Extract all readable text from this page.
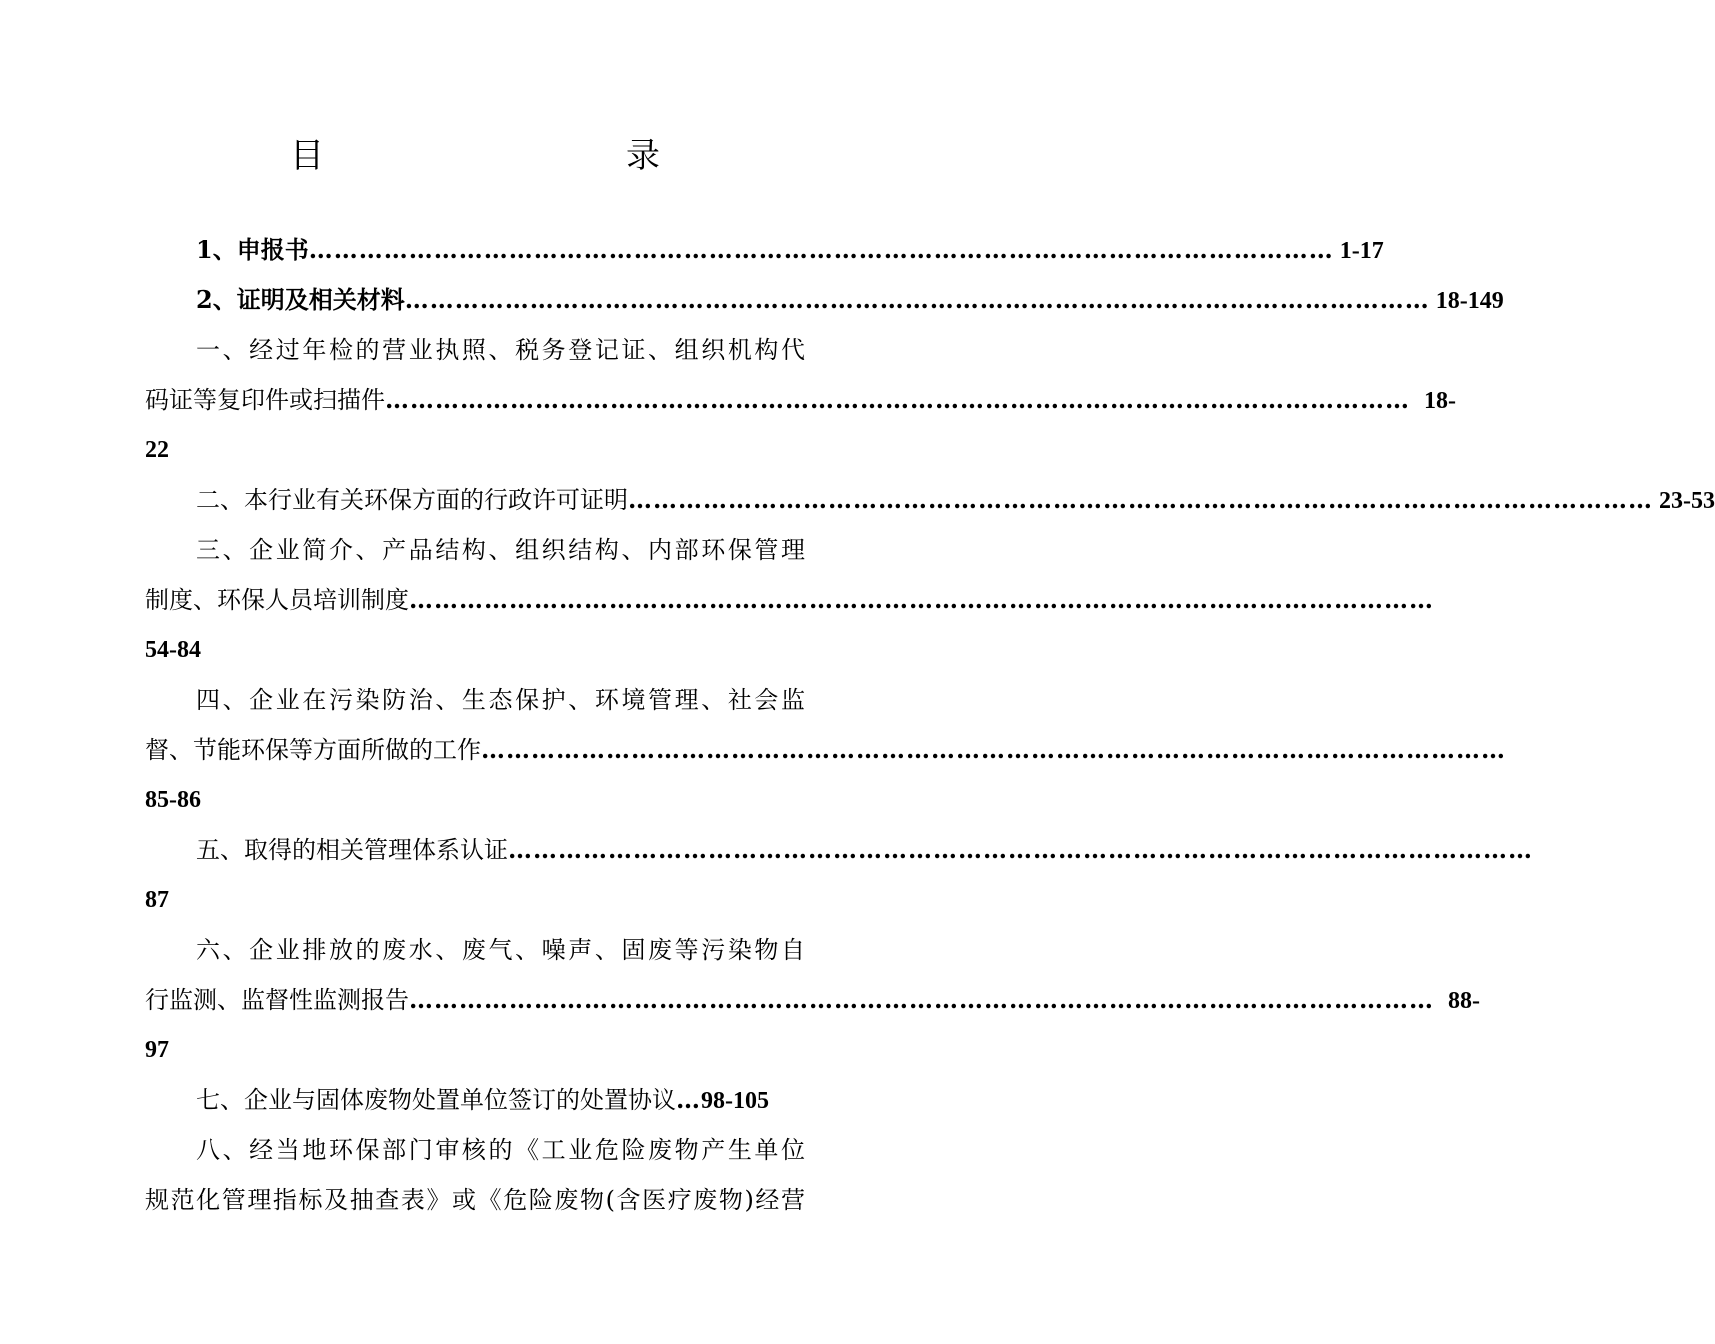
目　　录
1、申报书 …………………………………………………………………………………………………………… 1-17
2、证明及相关材料 …………………………………………………………………………………………………………… 18-149
一、经过年检的营业执照、税务登记证、组织机构代
码证等复印件或扫描件 …………………………………………………………………………………………………………… 18-
22
二、本行业有关环保方面的行政许可证明 …………………………………………………………………………………………………………… 23-53
三、企业简介、产品结构、组织结构、内部环保管理
制度、环保人员培训制度 ……………………………………………………………………………………………………………
54-84
四、企业在污染防治、生态保护、环境管理、社会监
督、节能环保等方面所做的工作 ……………………………………………………………………………………………………………
85-86
五、取得的相关管理体系认证 ……………………………………………………………………………………………………………
87
六、企业排放的废水、废气、噪声、固废等污染物自
行监测、监督性监测报告 …………………………………………………………………………………………………………… 88-
97
七、企业与固体废物处置单位签订的处置协议 … 98-105
八、经当地环保部门审核的《工业危险废物产生单位
规范化管理指标及抽查表》或《危险废物(含医疗废物)经营
